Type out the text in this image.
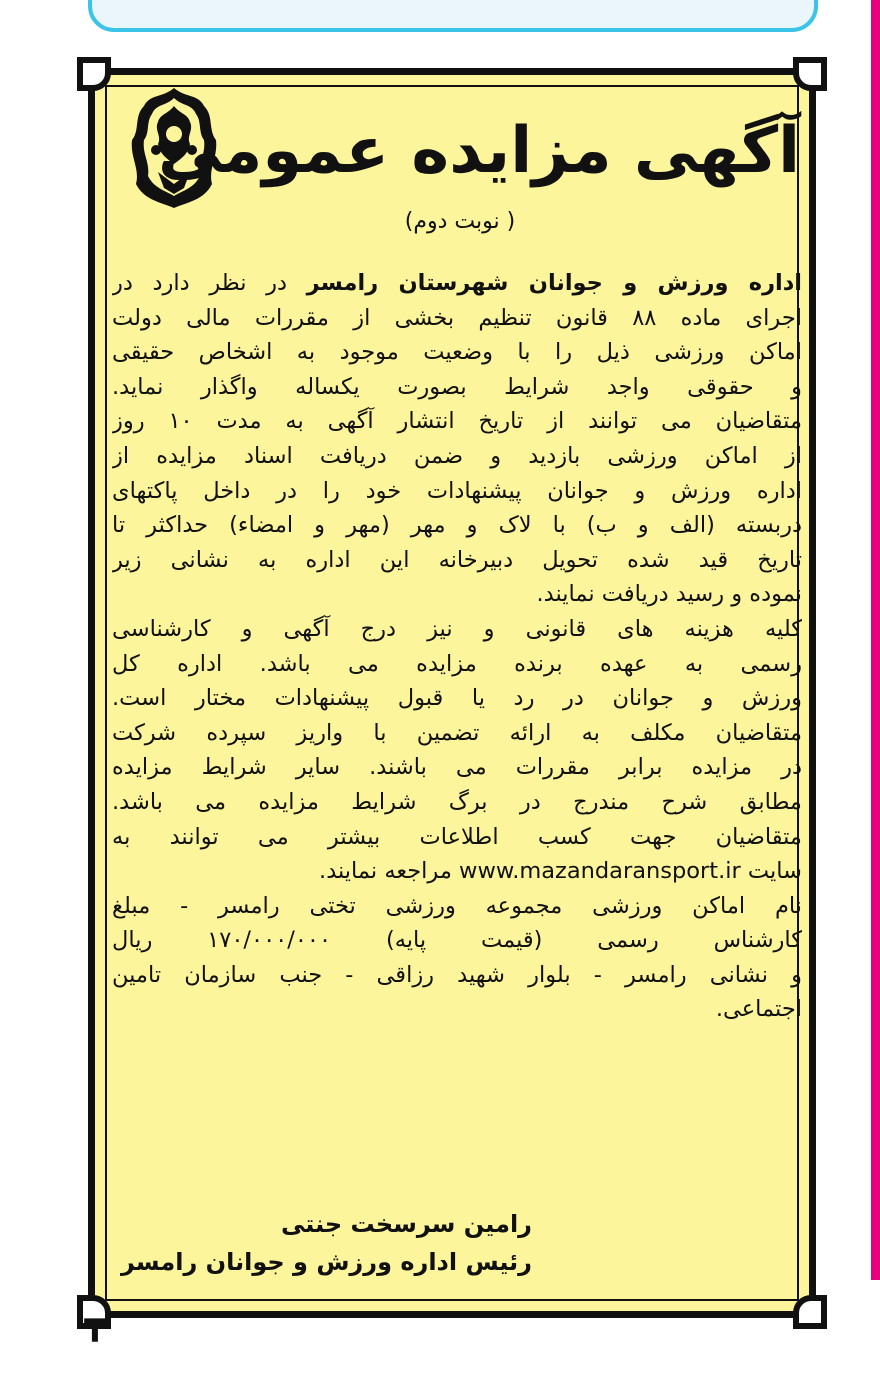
آگهی مزایده عمومی
( نوبت دوم)
اداره ورزش و جوانان شهرستان رامسر در نظر دارد در
اجرای ماده ۸۸ قانون تنظیم بخشی از مقررات مالی دولت
اماکن ورزشی ذیل را با وضعیت موجود به اشخاص حقیقی
و حقوقی واجد شرایط بصورت یکساله واگذار نماید.
متقاضیان می توانند از تاریخ انتشار آگهی به مدت ۱۰ روز
از اماکن ورزشی بازدید و ضمن دریافت اسناد مزایده از
اداره ورزش و جوانان پیشنهادات خود را در داخل پاکتهای
دربسته (الف و ب) با لاک و مهر (مهر و امضاء) حداکثر تا
تاریخ قید شده تحویل دبیرخانه این اداره به نشانی زیر
نموده و رسید دریافت نمایند.
کلیه هزینه های قانونی و نیز درج آگهی و کارشناسی
رسمی به عهده برنده مزایده می باشد. اداره کل
ورزش و جوانان در رد یا قبول پیشنهادات مختار است.
متقاضیان مکلف به ارائه تضمین با واریز سپرده شرکت
در مزایده برابر مقررات می باشند. سایر شرایط مزایده
مطابق شرح مندرج در برگ شرایط مزایده می باشد.
متقاضیان جهت کسب اطلاعات بیشتر می توانند به
سایت www.mazandaransport.ir مراجعه نمایند.
نام اماکن ورزشی مجموعه ورزشی تختی رامسر - مبلغ
کارشناس رسمی (قیمت پایه) ۱۷۰/۰۰۰/۰۰۰ ریال
و نشانی رامسر - بلوار شهید رزاقی - جنب سازمان تامین
اجتماعی.
رامین سرسخت جنتی
رئیس اداره ورزش و جوانان رامسر
T
